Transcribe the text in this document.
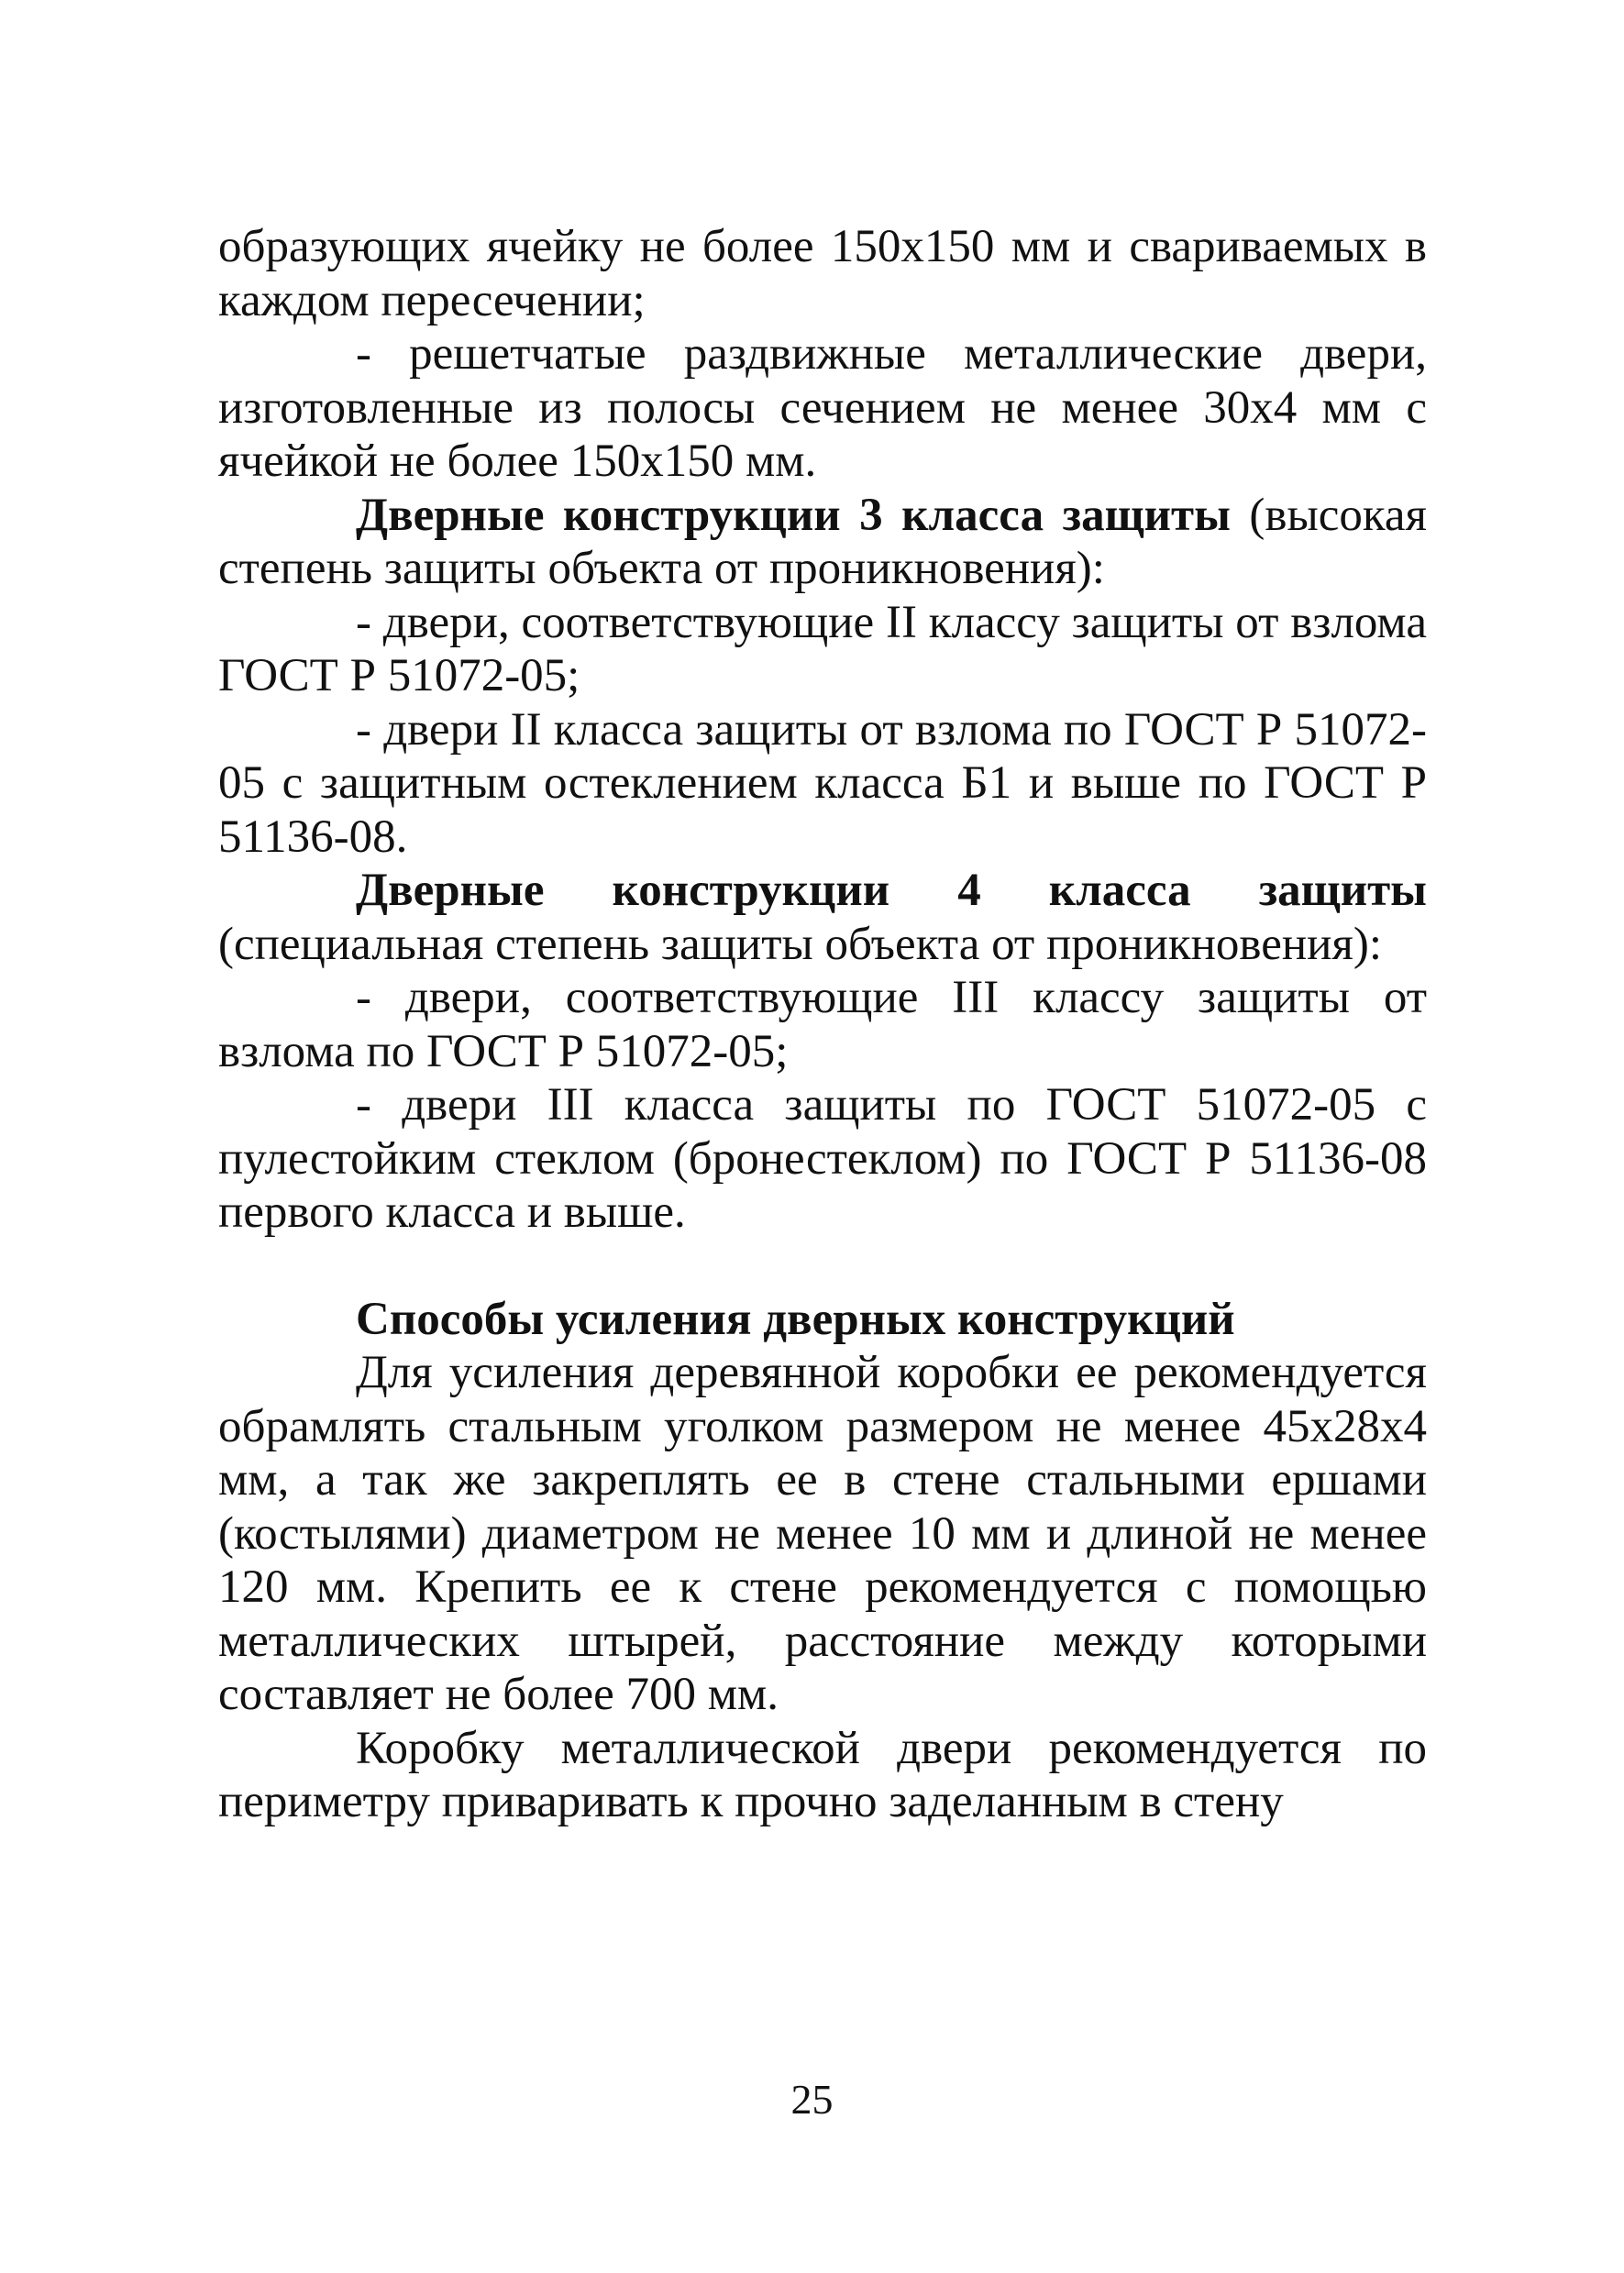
образующих ячейку не более 150х150 мм и свариваемых в каждом пересечении;

- решетчатые раздвижные металлические двери, изготовленные из полосы сечением не менее 30х4 мм с ячейкой не более 150х150 мм.

Дверные конструкции 3 класса защиты (высокая степень защиты объекта от проникновения):

- двери, соответствующие II классу защиты от взлома ГОСТ Р 51072-05;

- двери II класса защиты от взлома по ГОСТ Р 51072-05 с защитным остеклением класса Б1 и выше по ГОСТ Р 51136-08.

Дверные конструкции 4 класса защиты (специальная степень защиты объекта от проникновения):

- двери, соответствующие III классу защиты от взлома по ГОСТ Р 51072-05;

- двери III класса защиты по ГОСТ 51072-05 с пулестойким стеклом (бронестеклом) по ГОСТ Р 51136-08 первого класса и выше.

Способы усиления дверных конструкций

Для усиления деревянной коробки ее рекомендуется обрамлять стальным уголком размером не менее 45х28х4 мм, а так же закреплять ее в стене стальными ершами (костылями) диаметром не менее 10 мм и длиной не менее 120 мм. Крепить ее к стене рекомендуется с помощью металлических штырей, расстояние между которыми составляет не более 700 мм.

Коробку металлической двери рекомендуется по периметру приваривать к прочно заделанным в стену

25
